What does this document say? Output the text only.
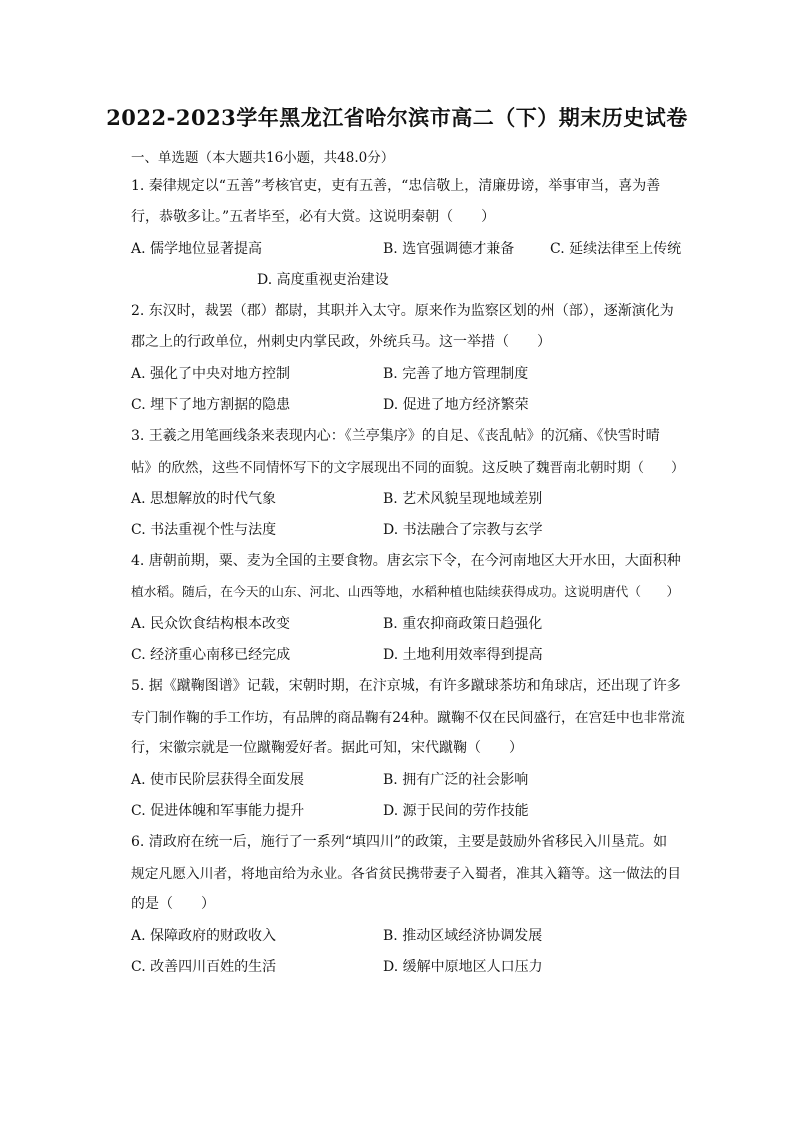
2022-2023学年黑龙江省哈尔滨市高二（下）期末历史试卷
一、单选题（本大题共16小题，共48.0分）
1. 秦律规定以“五善”考核官吏，吏有五善，“忠信敬上，清廉毋谤，举事审当，喜为善
行，恭敬多让。”五者毕至，必有大赏。这说明秦朝（　　）
A. 儒学地位显著提高	B. 选官强调德才兼备	C. 延续法律至上传统
D. 高度重视吏治建设
2. 东汉时，裁罢（郡）都尉，其职并入太守。原来作为监察区划的州（部），逐渐演化为
郡之上的行政单位，州刺史内掌民政，外统兵马。这一举措（　　）
A. 强化了中央对地方控制	B. 完善了地方管理制度
C. 埋下了地方割据的隐患	D. 促进了地方经济繁荣
3. 王羲之用笔画线条来表现内心：《兰亭集序》的自足、《丧乱帖》的沉痛、《快雪时晴
帖》的欣然，这些不同情怀写下的文字展现出不同的面貌。这反映了魏晋南北朝时期（　　）
A. 思想解放的时代气象	B. 艺术风貌呈现地域差别
C. 书法重视个性与法度	D. 书法融合了宗教与玄学
4. 唐朝前期，粟、麦为全国的主要食物。唐玄宗下令，在今河南地区大开水田，大面积种
植水稻。随后，在今天的山东、河北、山西等地，水稻种植也陆续获得成功。这说明唐代（　　）
A. 民众饮食结构根本改变	B. 重农抑商政策日趋强化
C. 经济重心南移已经完成	D. 土地利用效率得到提高
5. 据《蹴鞠图谱》记载，宋朝时期，在汴京城，有许多蹴球茶坊和角球店，还出现了许多
专门制作鞠的手工作坊，有品牌的商品鞠有24种。蹴鞠不仅在民间盛行，在宫廷中也非常流
行，宋徽宗就是一位蹴鞠爱好者。据此可知，宋代蹴鞠（　　）
A. 使市民阶层获得全面发展	B. 拥有广泛的社会影响
C. 促进体魄和军事能力提升	D. 源于民间的劳作技能
6. 清政府在统一后，施行了一系列“填四川”的政策，主要是鼓励外省移民入川垦荒。如
规定凡愿入川者，将地亩给为永业。各省贫民携带妻子入蜀者，准其入籍等。这一做法的目
的是（　　）
A. 保障政府的财政收入	B. 推动区域经济协调发展
C. 改善四川百姓的生活	D. 缓解中原地区人口压力
